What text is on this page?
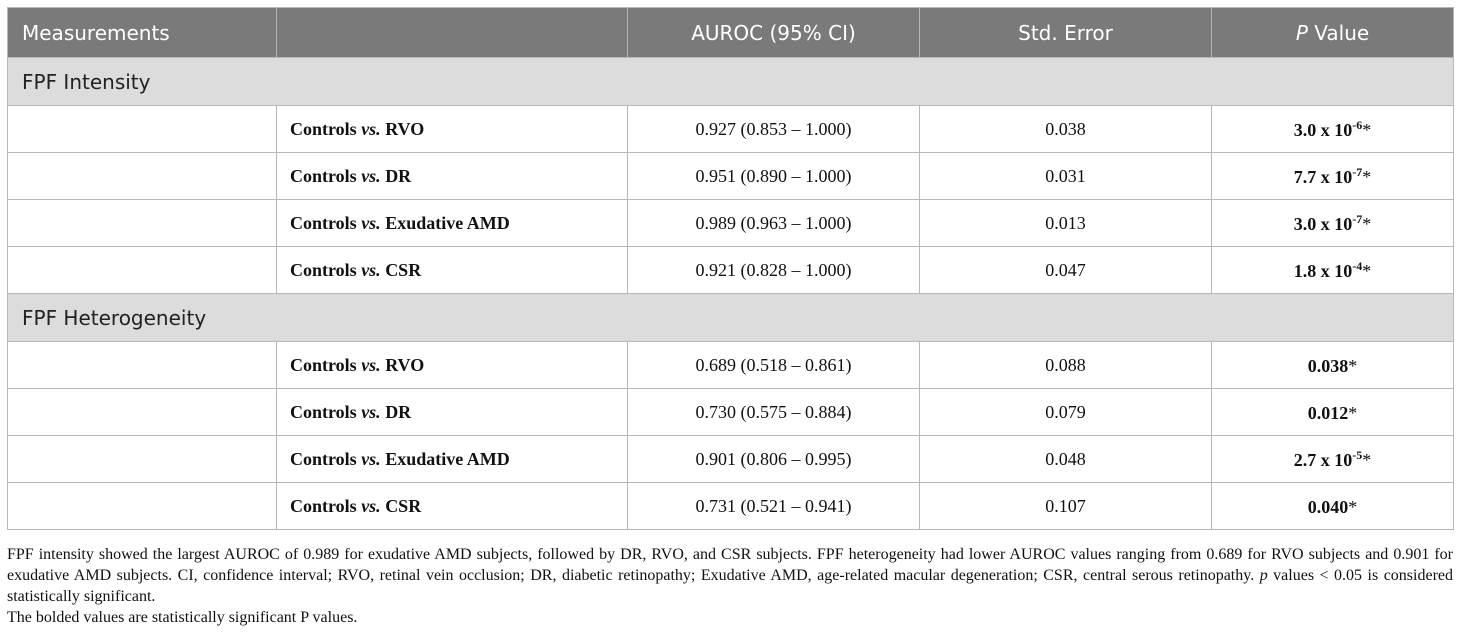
Measurements		AUROC (95% CI)	Std. Error	P Value
FPF Intensity				
	Controls vs. RVO	0.927 (0.853 – 1.000)	0.038	3.0 x $10^{-6}*$
	Controls vs. DR	0.951 (0.890 – 1.000)	0.031	7.7 x $10^{-7}*$
	Controls vs. Exudative AMD	0.989 (0.963 – 1.000)	0.013	3.0 x $10^{-7}*$
	Controls vs. CSR	0.921 (0.828 – 1.000)	0.047	1.8 x $10^{-4}*$
FPF Heterogeneity				
	Controls vs. RVO	0.689 (0.518 – 0.861)	0.088	0.038*
	Controls vs. DR	0.730 (0.575 – 0.884)	0.079	0.012*
	Controls vs. Exudative AMD	0.901 (0.806 – 0.995)	0.048	2.7 x $10^{-5}*$
	Controls vs. CSR	0.731 (0.521 – 0.941)	0.107	0.040*

FPF intensity showed the largest AUROC of 0.989 for exudative AMD subjects, followed by DR, RVO, and CSR subjects. FPF heterogeneity had lower AUROC values ranging from 0.689 for RVO subjects and 0.901 for exudative AMD subjects. CI, confidence interval; RVO, retinal vein occlusion; DR, diabetic retinopathy; Exudative AMD, age-related macular degeneration; CSR, central serous retinopathy. p values < 0.05 is considered statistically significant.

The bolded values are statistically significant P values.
